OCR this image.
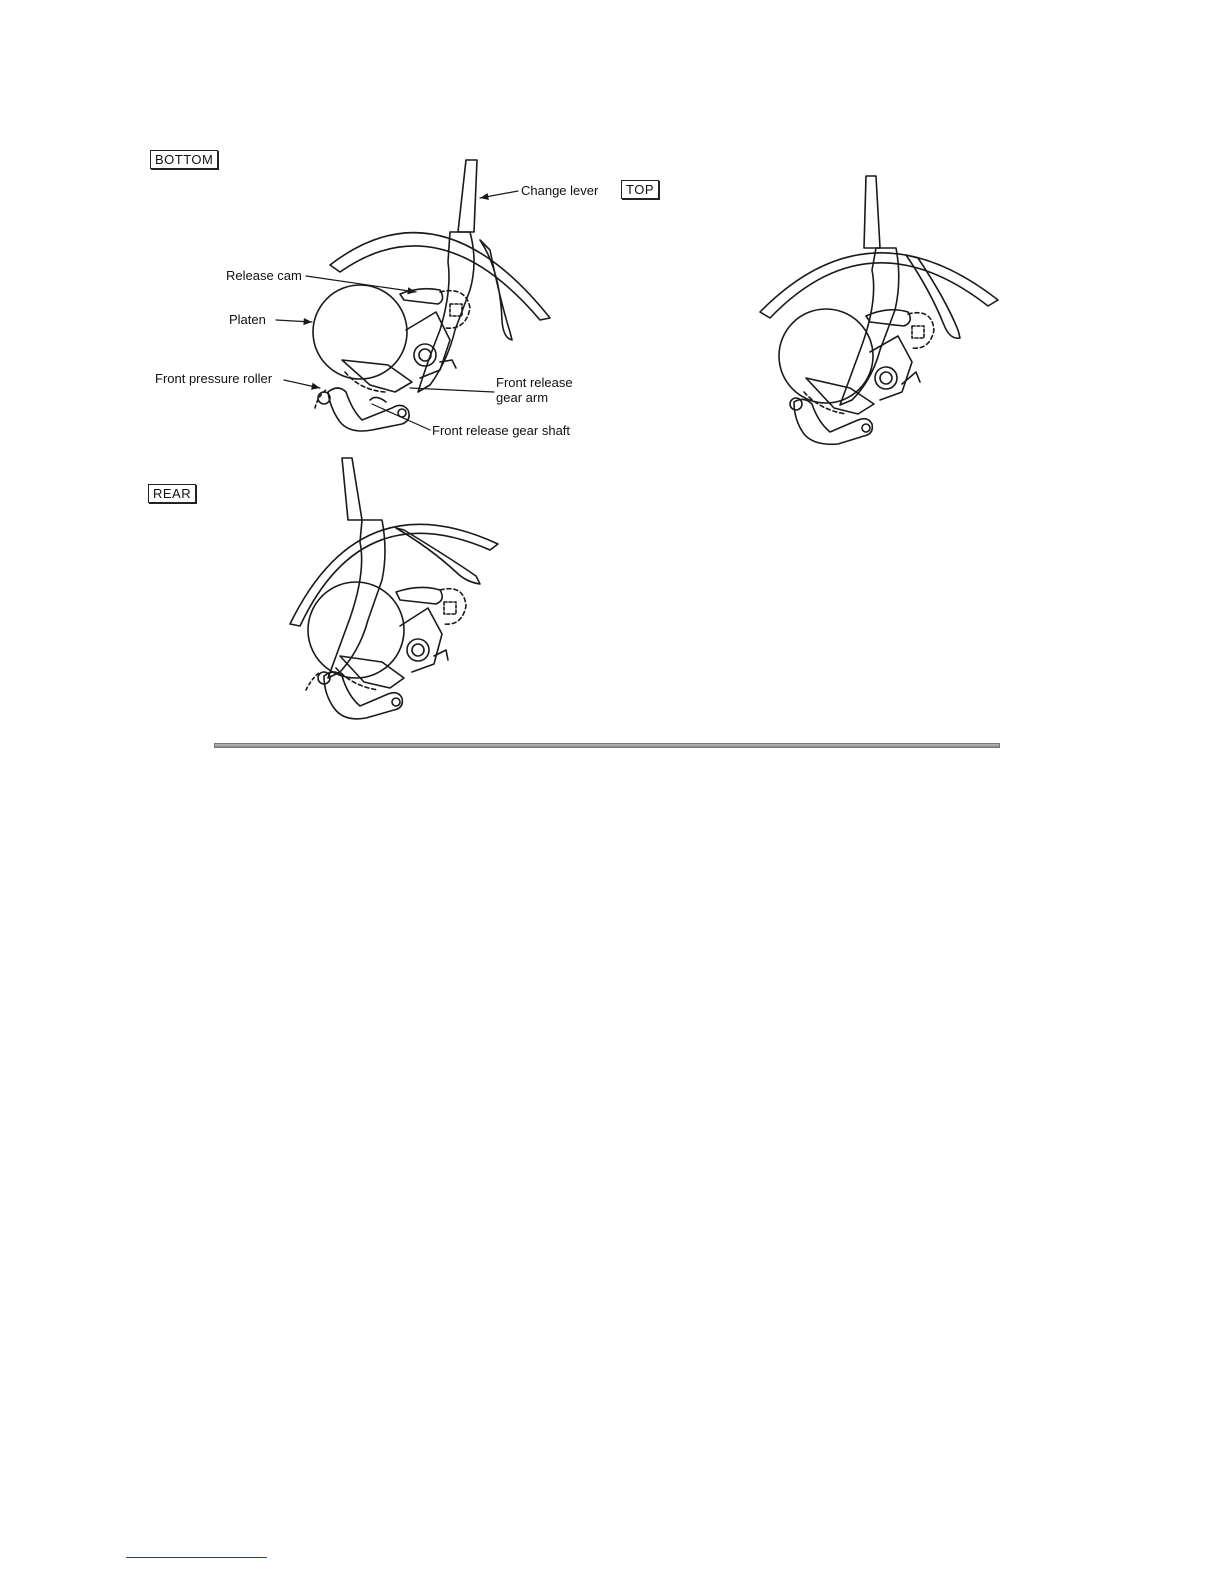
BOTTOM
TOP
REAR
Change lever
Release cam
Platen
Front pressure roller	Front release
gear arm
Front release gear shaft
